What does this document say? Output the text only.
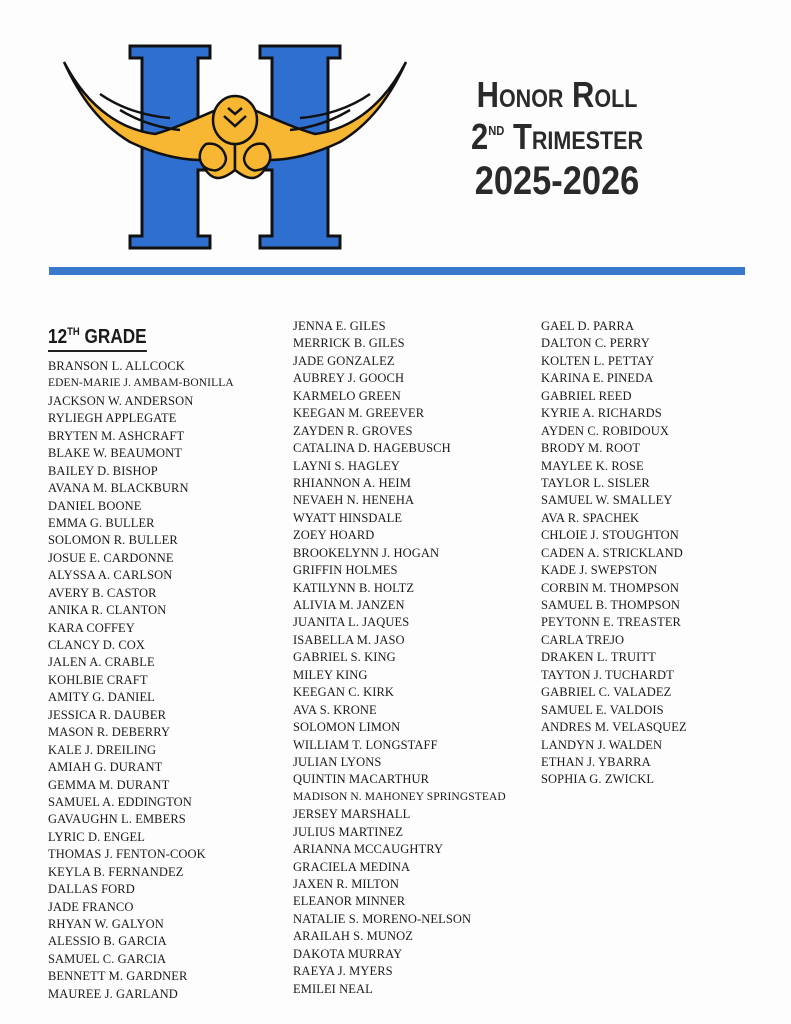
Honor Roll
2nd Trimester
2025-2026
12TH GRADE
BRANSON L. ALLCOCK
EDEN-MARIE J. AMBAM-BONILLA
JACKSON W. ANDERSON
RYLIEGH APPLEGATE
BRYTEN M. ASHCRAFT
BLAKE W. BEAUMONT
BAILEY D. BISHOP
AVANA M. BLACKBURN
DANIEL BOONE
EMMA G. BULLER
SOLOMON R. BULLER
JOSUE E. CARDONNE
ALYSSA A. CARLSON
AVERY B. CASTOR
ANIKA R. CLANTON
KARA COFFEY
CLANCY D. COX
JALEN A. CRABLE
KOHLBIE CRAFT
AMITY G. DANIEL
JESSICA R. DAUBER
MASON R. DEBERRY
KALE J. DREILING
AMIAH G. DURANT
GEMMA M. DURANT
SAMUEL A. EDDINGTON
GAVAUGHN L. EMBERS
LYRIC D. ENGEL
THOMAS J. FENTON-COOK
KEYLA B. FERNANDEZ
DALLAS FORD
JADE FRANCO
RHYAN W. GALYON
ALESSIO B. GARCIA
SAMUEL C. GARCIA
BENNETT M. GARDNER
MAUREE J. GARLAND
JENNA E. GILES
MERRICK B. GILES
JADE GONZALEZ
AUBREY J. GOOCH
KARMELO GREEN
KEEGAN M. GREEVER
ZAYDEN R. GROVES
CATALINA D. HAGEBUSCH
LAYNI S. HAGLEY
RHIANNON A. HEIM
NEVAEH N. HENEHA
WYATT HINSDALE
ZOEY HOARD
BROOKELYNN J. HOGAN
GRIFFIN HOLMES
KATILYNN B. HOLTZ
ALIVIA M. JANZEN
JUANITA L. JAQUES
ISABELLA M. JASO
GABRIEL S. KING
MILEY KING
KEEGAN C. KIRK
AVA S. KRONE
SOLOMON LIMON
WILLIAM T. LONGSTAFF
JULIAN LYONS
QUINTIN MACARTHUR
MADISON N. MAHONEY SPRINGSTEAD
JERSEY MARSHALL
JULIUS MARTINEZ
ARIANNA MCCAUGHTRY
GRACIELA MEDINA
JAXEN R. MILTON
ELEANOR MINNER
NATALIE S. MORENO-NELSON
ARAILAH S. MUNOZ
DAKOTA MURRAY
RAEYA J. MYERS
EMILEI NEAL
GAEL D. PARRA
DALTON C. PERRY
KOLTEN L. PETTAY
KARINA E. PINEDA
GABRIEL REED
KYRIE A. RICHARDS
AYDEN C. ROBIDOUX
BRODY M. ROOT
MAYLEE K. ROSE
TAYLOR L. SISLER
SAMUEL W. SMALLEY
AVA R. SPACHEK
CHLOIE J. STOUGHTON
CADEN A. STRICKLAND
KADE J. SWEPSTON
CORBIN M. THOMPSON
SAMUEL B. THOMPSON
PEYTONN E. TREASTER
CARLA TREJO
DRAKEN L. TRUITT
TAYTON J. TUCHARDT
GABRIEL C. VALADEZ
SAMUEL E. VALDOIS
ANDRES M. VELASQUEZ
LANDYN J. WALDEN
ETHAN J. YBARRA
SOPHIA G. ZWICKL
